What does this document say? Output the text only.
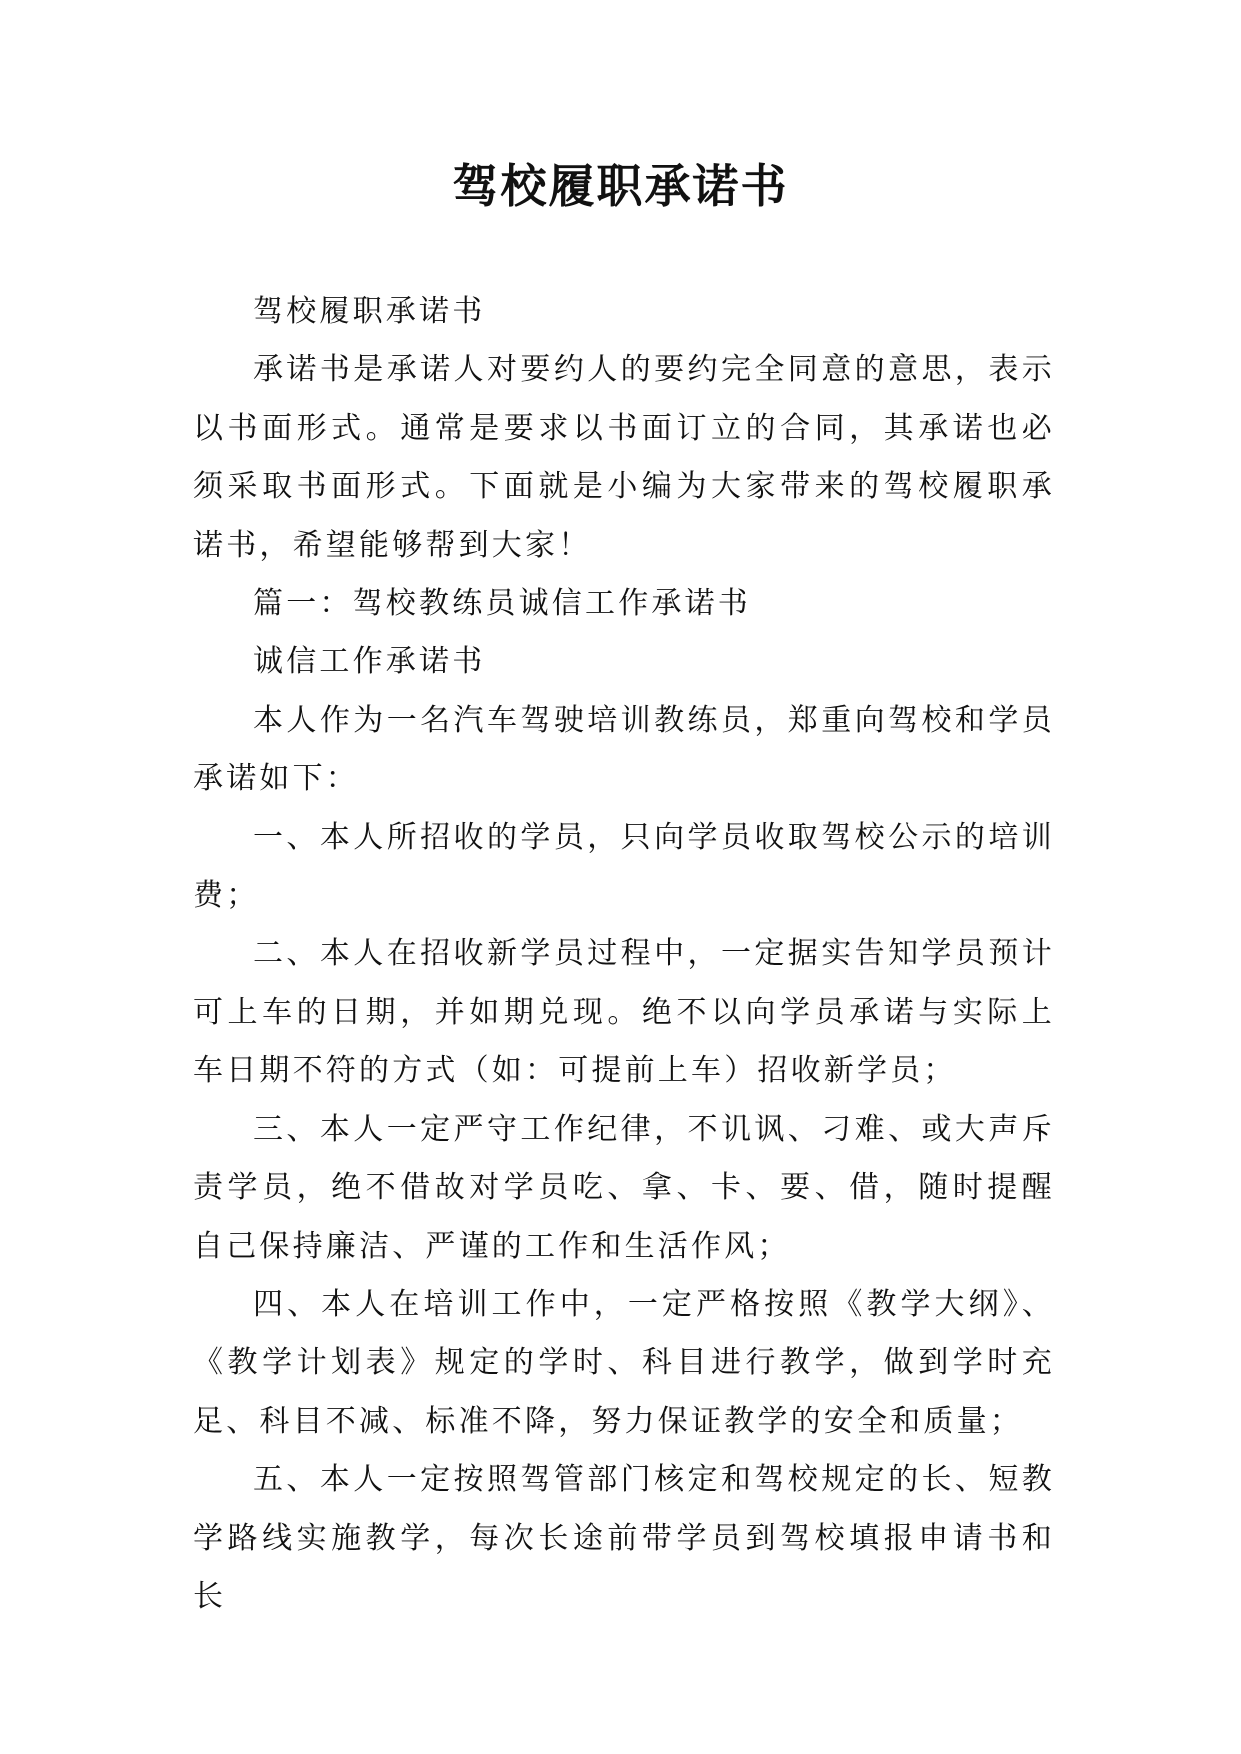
驾校履职承诺书

驾校履职承诺书

承诺书是承诺人对要约人的要约完全同意的意思，表示以书面形式。通常是要求以书面订立的合同，其承诺也必须采取书面形式。下面就是小编为大家带来的驾校履职承诺书，希望能够帮到大家！

篇一：驾校教练员诚信工作承诺书

诚信工作承诺书

本人作为一名汽车驾驶培训教练员，郑重向驾校和学员承诺如下：

一、本人所招收的学员，只向学员收取驾校公示的培训费；

二、本人在招收新学员过程中，一定据实告知学员预计可上车的日期，并如期兑现。绝不以向学员承诺与实际上车日期不符的方式（如：可提前上车）招收新学员；

三、本人一定严守工作纪律，不讥讽、刁难、或大声斥责学员，绝不借故对学员吃、拿、卡、要、借，随时提醒自己保持廉洁、严谨的工作和生活作风；

四、本人在培训工作中，一定严格按照《教学大纲》、《教学计划表》规定的学时、科目进行教学，做到学时充足、科目不减、标准不降，努力保证教学的安全和质量；

五、本人一定按照驾管部门核定和驾校规定的长、短教学路线实施教学，每次长途前带学员到驾校填报申请书和长
